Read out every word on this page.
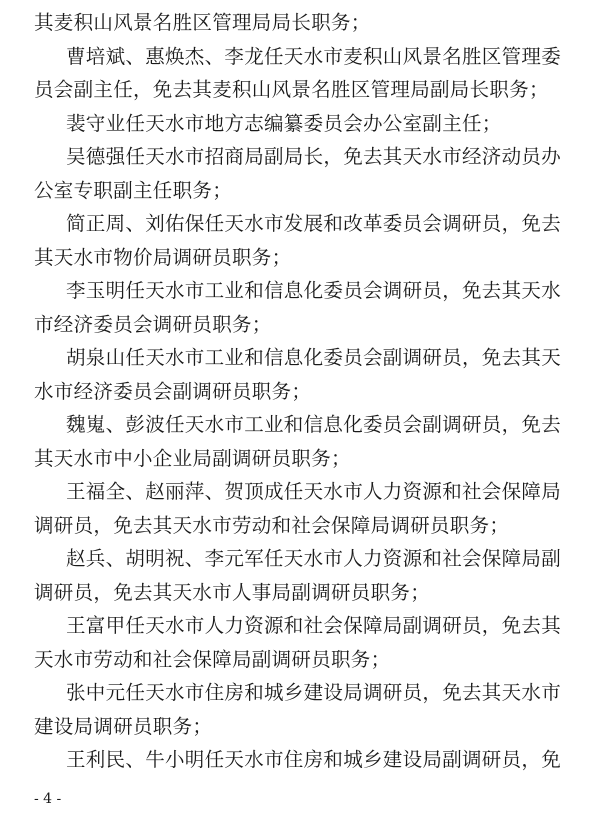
其麦积山风景名胜区管理局局长职务；
曹培斌、惠焕杰、李龙任天水市麦积山风景名胜区管理委
员会副主任，免去其麦积山风景名胜区管理局副局长职务；
裴守业任天水市地方志编纂委员会办公室副主任；
吴德强任天水市招商局副局长，免去其天水市经济动员办
公室专职副主任职务；
简正周、刘佑保任天水市发展和改革委员会调研员，免去
其天水市物价局调研员职务；
李玉明任天水市工业和信息化委员会调研员，免去其天水
市经济委员会调研员职务；
胡泉山任天水市工业和信息化委员会副调研员，免去其天
水市经济委员会副调研员职务；
魏嵬、彭波任天水市工业和信息化委员会副调研员，免去
其天水市中小企业局副调研员职务；
王福全、赵丽萍、贺顶成任天水市人力资源和社会保障局
调研员，免去其天水市劳动和社会保障局调研员职务；
赵兵、胡明祝、李元军任天水市人力资源和社会保障局副
调研员，免去其天水市人事局副调研员职务；
王富甲任天水市人力资源和社会保障局副调研员，免去其
天水市劳动和社会保障局副调研员职务；
张中元任天水市住房和城乡建设局调研员，免去其天水市
建设局调研员职务；
王利民、牛小明任天水市住房和城乡建设局副调研员，免
- 4 -
